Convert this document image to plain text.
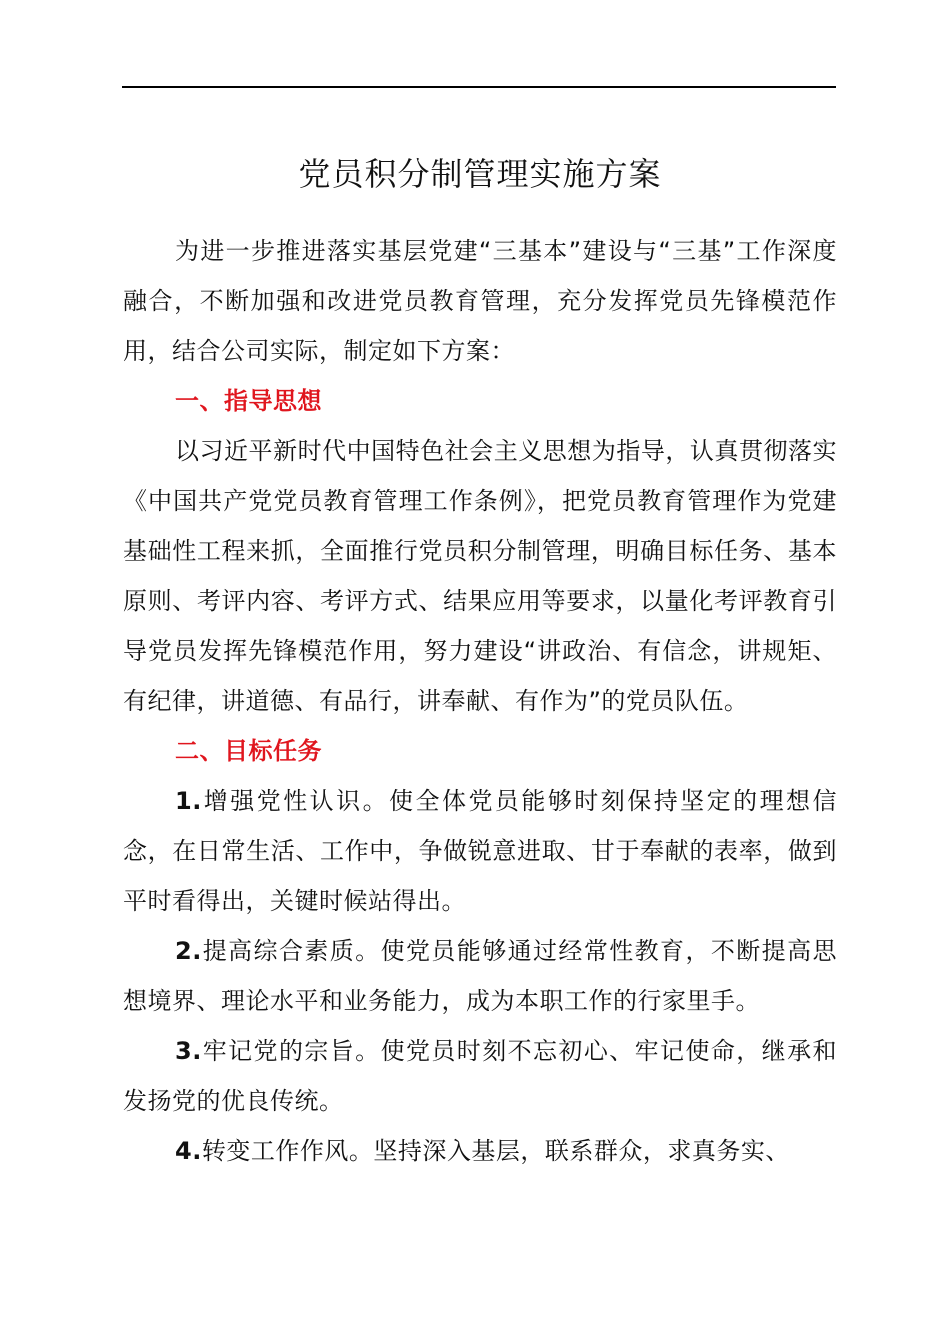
党员积分制管理实施方案

为进一步推进落实基层党建“三基本”建设与“三基”工作深度融合，不断加强和改进党员教育管理，充分发挥党员先锋模范作用，结合公司实际，制定如下方案：

一、指导思想

以习近平新时代中国特色社会主义思想为指导，认真贯彻落实《中国共产党党员教育管理工作条例》，把党员教育管理作为党建基础性工程来抓，全面推行党员积分制管理，明确目标任务、基本原则、考评内容、考评方式、结果应用等要求，以量化考评教育引导党员发挥先锋模范作用，努力建设“讲政治、有信念，讲规矩、有纪律，讲道德、有品行，讲奉献、有作为”的党员队伍。

二、目标任务

1.增强党性认识。使全体党员能够时刻保持坚定的理想信念，在日常生活、工作中，争做锐意进取、甘于奉献的表率，做到平时看得出，关键时候站得出。

2.提高综合素质。使党员能够通过经常性教育，不断提高思想境界、理论水平和业务能力，成为本职工作的行家里手。

3.牢记党的宗旨。使党员时刻不忘初心、牢记使命，继承和发扬党的优良传统。

4.转变工作作风。坚持深入基层，联系群众，求真务实、
